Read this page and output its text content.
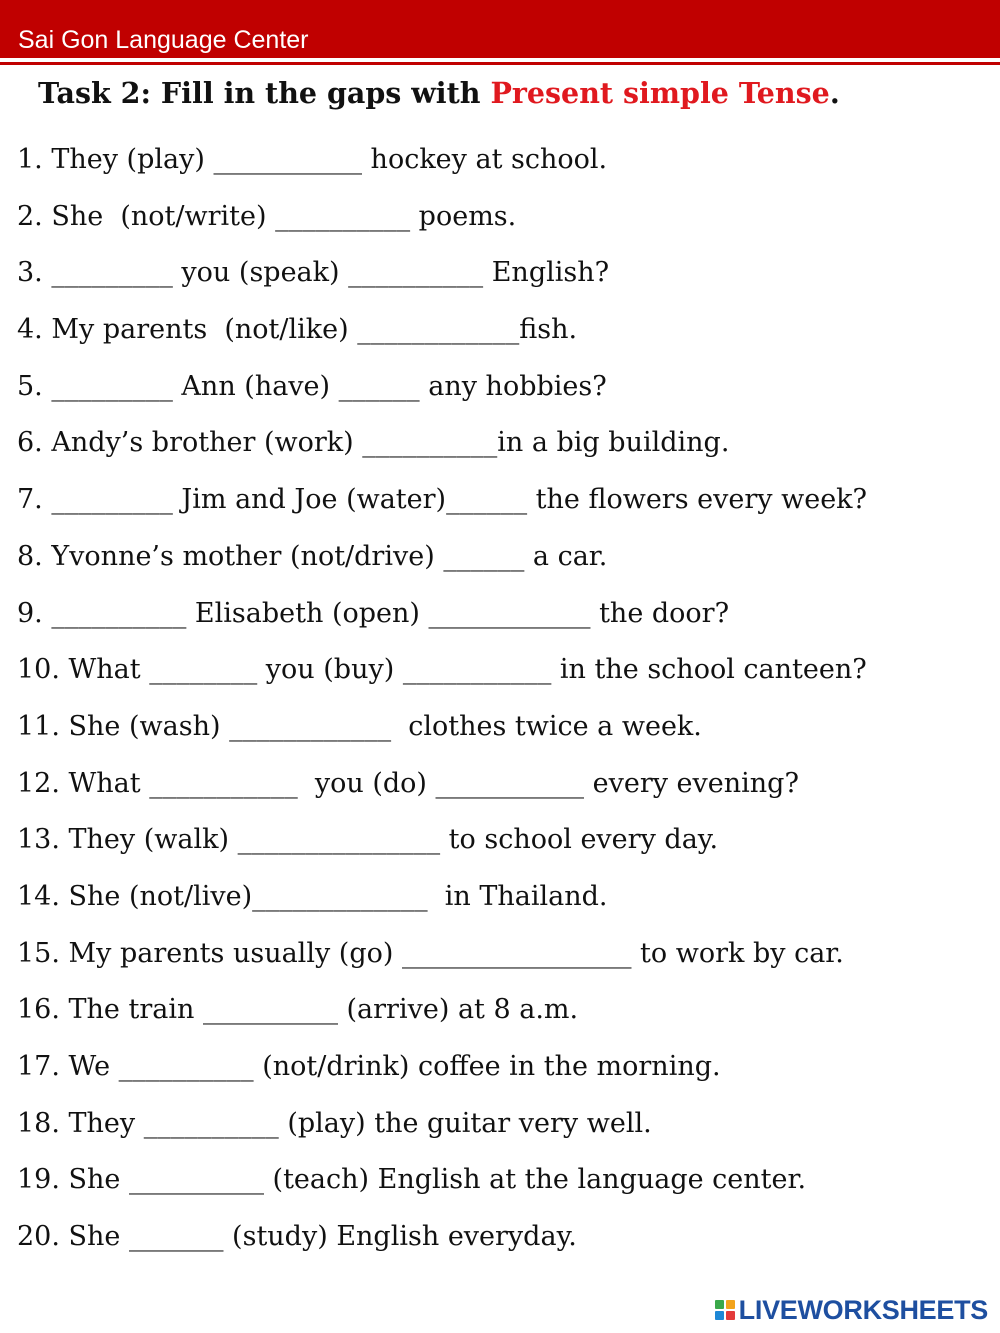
Sai Gon Language Center
Task 2: Fill in the gaps with Present simple Tense.
1. They (play) ___________ hockey at school.
2. She  (not/write) __________ poems.
3. _________ you (speak) __________ English?
4. My parents  (not/like) ____________fish.
5. _________ Ann (have) ______ any hobbies?
6. Andy’s brother (work) __________in a big building.
7. _________ Jim and Joe (water)______ the flowers every week?
8. Yvonne’s mother (not/drive) ______ a car.
9. __________ Elisabeth (open) ____________ the door?
10. What ________ you (buy) ___________ in the school canteen?
11. She (wash) ____________  clothes twice a week.
12. What ___________  you (do) ___________ every evening?
13. They (walk) _______________ to school every day.
14. She (not/live)_____________  in Thailand.
15. My parents usually (go) _________________ to work by car.
16. The train __________ (arrive) at 8 a.m.
17. We __________ (not/drink) coffee in the morning.
18. They __________ (play) the guitar very well.
19. She __________ (teach) English at the language center.
20. She _______ (study) English everyday.
LIVEWORKSHEETS
